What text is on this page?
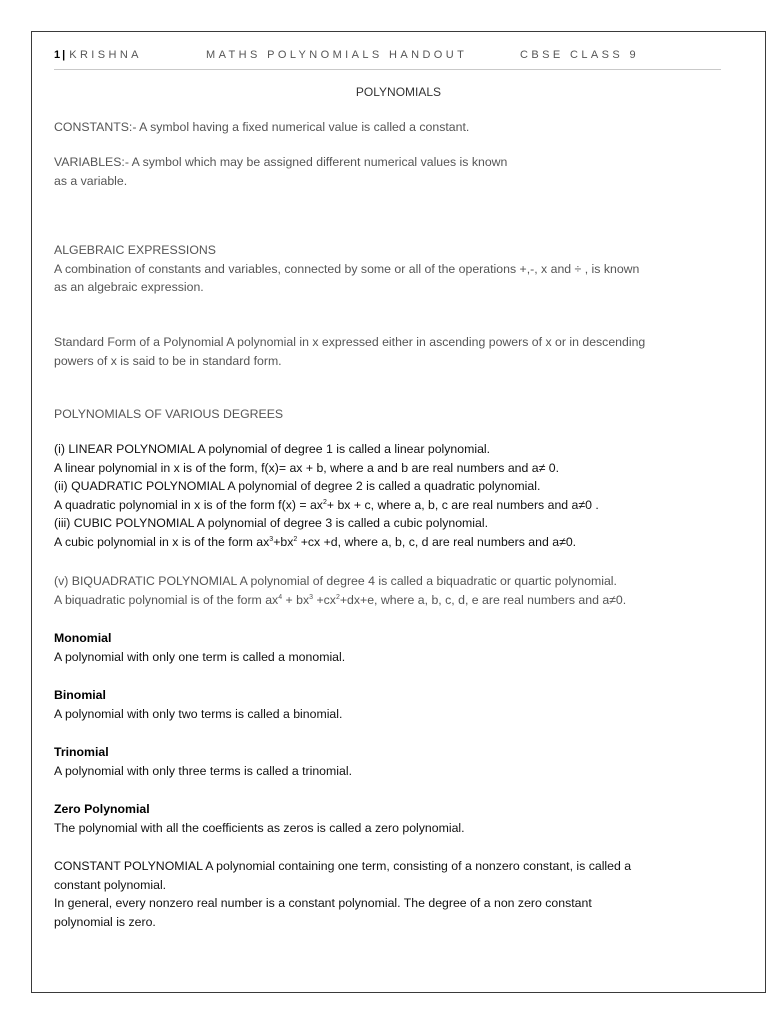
1 | KRISHNA	MATHS POLYNOMIALS HANDOUT	CBSE CLASS 9
POLYNOMIALS

CONSTANTS:- A symbol having a fixed numerical value is called a constant.

VARIABLES:- A symbol which may be assigned different numerical values is known

as a variable.

ALGEBRAIC EXPRESSIONS

A combination of constants and variables, connected by some or all of the operations +,-, x and ÷ , is known

as an algebraic expression.

Standard Form of a Polynomial A polynomial in x expressed either in ascending powers of x or in descending

powers of x is said to be in standard form.

POLYNOMIALS OF VARIOUS DEGREES

(i) LINEAR POLYNOMIAL A polynomial of degree 1 is called a linear polynomial.

A linear polynomial in x is of the form, f(x)= ax + b, where a and b are real numbers and a≠ 0.

(ii) QUADRATIC POLYNOMIAL A polynomial of degree 2 is called a quadratic polynomial.

A quadratic polynomial in x is of the form $f(x) = ax^2+$ bx + c, where a, b, c are real numbers and a≠0 .

(iii) CUBIC POLYNOMIAL A polynomial of degree 3 is called a cubic polynomial.

A cubic polynomial in x is of the form $ax^3+bx^2 +cx +d$, where a, b, c, d are real numbers and a≠0.

(v) BIQUADRATIC POLYNOMIAL A polynomial of degree 4 is called a biquadratic or quartic polynomial.

A biquadratic polynomial is of the form $ax^4 + bx^3 +cx^2+dx+e$, where a, b, c, d, e are real numbers and a≠0.

Monomial

A polynomial with only one term is called a monomial.

Binomial

A polynomial with only two terms is called a binomial.

Trinomial

A polynomial with only three terms is called a trinomial.

Zero Polynomial

The polynomial with all the coefficients as zeros is called a zero polynomial.

CONSTANT POLYNOMIAL A polynomial containing one term, consisting of a nonzero constant, is called a

constant polynomial.

In general, every nonzero real number is a constant polynomial. The degree of a non zero constant

polynomial is zero.
